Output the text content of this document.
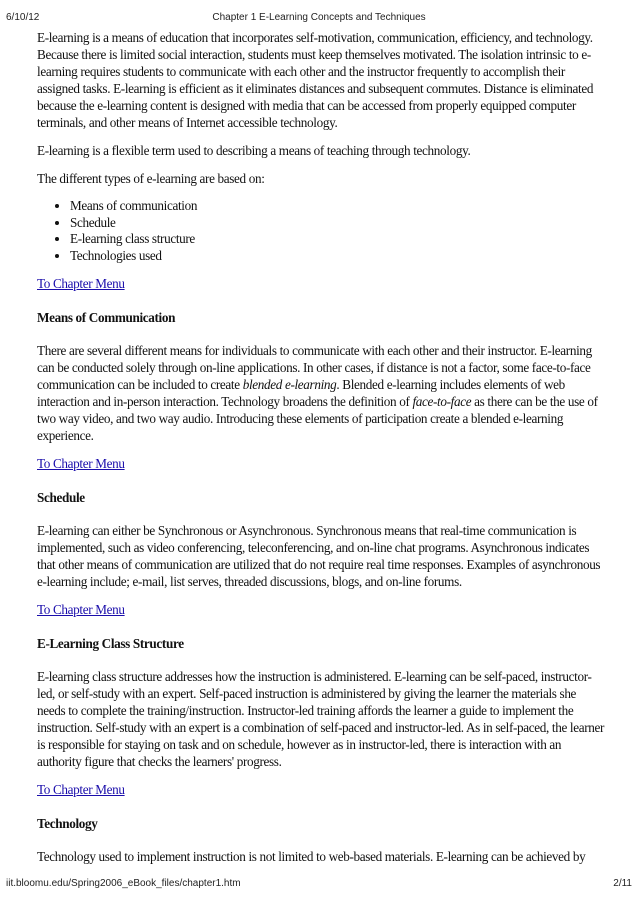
6/10/12	Chapter 1 E-Learning Concepts and Techniques

E-learning is a means of education that incorporates self-motivation, communication, efficiency, and technology. Because there is limited social interaction, students must keep themselves motivated. The isolation intrinsic to e-learning requires students to communicate with each other and the instructor frequently to accomplish their assigned tasks. E-learning is efficient as it eliminates distances and subsequent commutes. Distance is eliminated because the e-learning content is designed with media that can be accessed from properly equipped computer terminals, and other means of Internet accessible technology.

E-learning is a flexible term used to describing a means of teaching through technology.

The different types of e-learning are based on:

• Means of communication
• Schedule
• E-learning class structure
• Technologies used
To Chapter Menu
Means of Communication

There are several different means for individuals to communicate with each other and their instructor. E-learning can be conducted solely through on-line applications. In other cases, if distance is not a factor, some face-to-face communication can be included to create blended e-learning. Blended e-learning includes elements of web interaction and in-person interaction. Technology broadens the definition of face-to-face as there can be the use of two way video, and two way audio. Introducing these elements of participation create a blended e-learning experience.

To Chapter Menu
Schedule

E-learning can either be Synchronous or Asynchronous. Synchronous means that real-time communication is implemented, such as video conferencing, teleconferencing, and on-line chat programs. Asynchronous indicates that other means of communication are utilized that do not require real time responses. Examples of asynchronous e-learning include; e-mail, list serves, threaded discussions, blogs, and on-line forums.

To Chapter Menu
E-Learning Class Structure

E-learning class structure addresses how the instruction is administered. E-learning can be self-paced, instructor-led, or self-study with an expert. Self-paced instruction is administered by giving the learner the materials she needs to complete the training/instruction. Instructor-led training affords the learner a guide to implement the instruction. Self-study with an expert is a combination of self-paced and instructor-led. As in self-paced, the learner is responsible for staying on task and on schedule, however as in instructor-led, there is interaction with an authority figure that checks the learners' progress.

To Chapter Menu
Technology

Technology used to implement instruction is not limited to web-based materials. E-learning can be achieved by

iit.bloomu.edu/Spring2006_eBook_files/chapter1.htm	2/11
